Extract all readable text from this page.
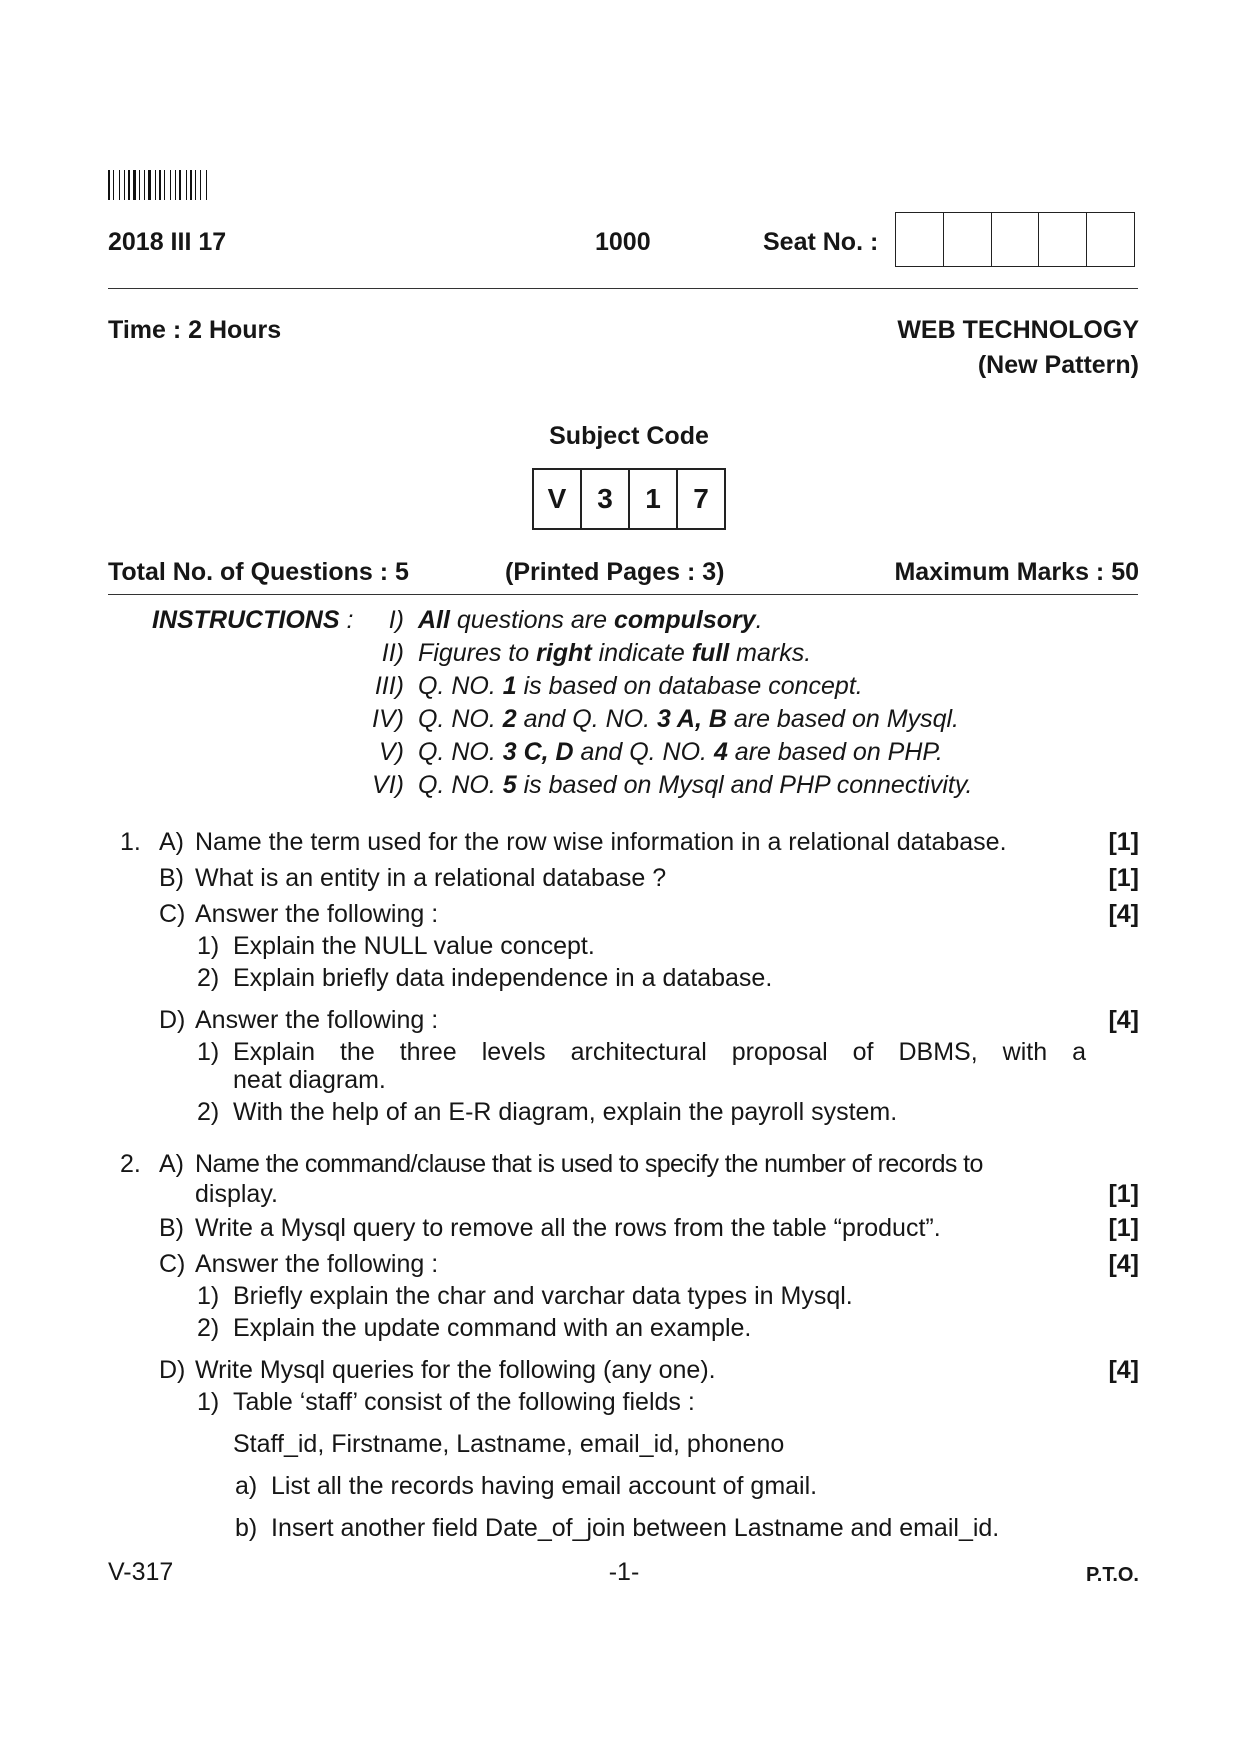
2018 III 17	1000	Seat No. :
Time : 2 Hours	WEB TECHNOLOGY
(New Pattern)
Subject Code
V	3	1	7
Total No. of Questions : 5	(Printed Pages : 3)	Maximum Marks : 50
INSTRUCTIONS :	I) All questions are compulsory.
II) Figures to right indicate full marks.
III) Q. NO. 1 is based on database concept.
IV) Q. NO. 2 and Q. NO. 3 A, B are based on Mysql.
V) Q. NO. 3 C, D and Q. NO. 4 are based on PHP.
VI) Q. NO. 5 is based on Mysql and PHP connectivity.
1. A) Name the term used for the row wise information in a relational database.	[1]
B) What is an entity in a relational database ?	[1]
C) Answer the following :	[4]
1) Explain the NULL value concept.
2) Explain briefly data independence in a database.
D) Answer the following :	[4]
1) Explain the three levels architectural proposal of DBMS, with a
neat diagram.
2) With the help of an E-R diagram, explain the payroll system.
2. A) Name the command/clause that is used to specify the number of records to
display.	[1]
B) Write a Mysql query to remove all the rows from the table “product”.	[1]
C) Answer the following :	[4]
1) Briefly explain the char and varchar data types in Mysql.
2) Explain the update command with an example.
D) Write Mysql queries for the following (any one).	[4]
1) Table ‘staff’ consist of the following fields :
Staff_id, Firstname, Lastname, email_id, phoneno
a) List all the records having email account of gmail.
b) Insert another field Date_of_join between Lastname and email_id.
V-317	-1-	P.T.O.
